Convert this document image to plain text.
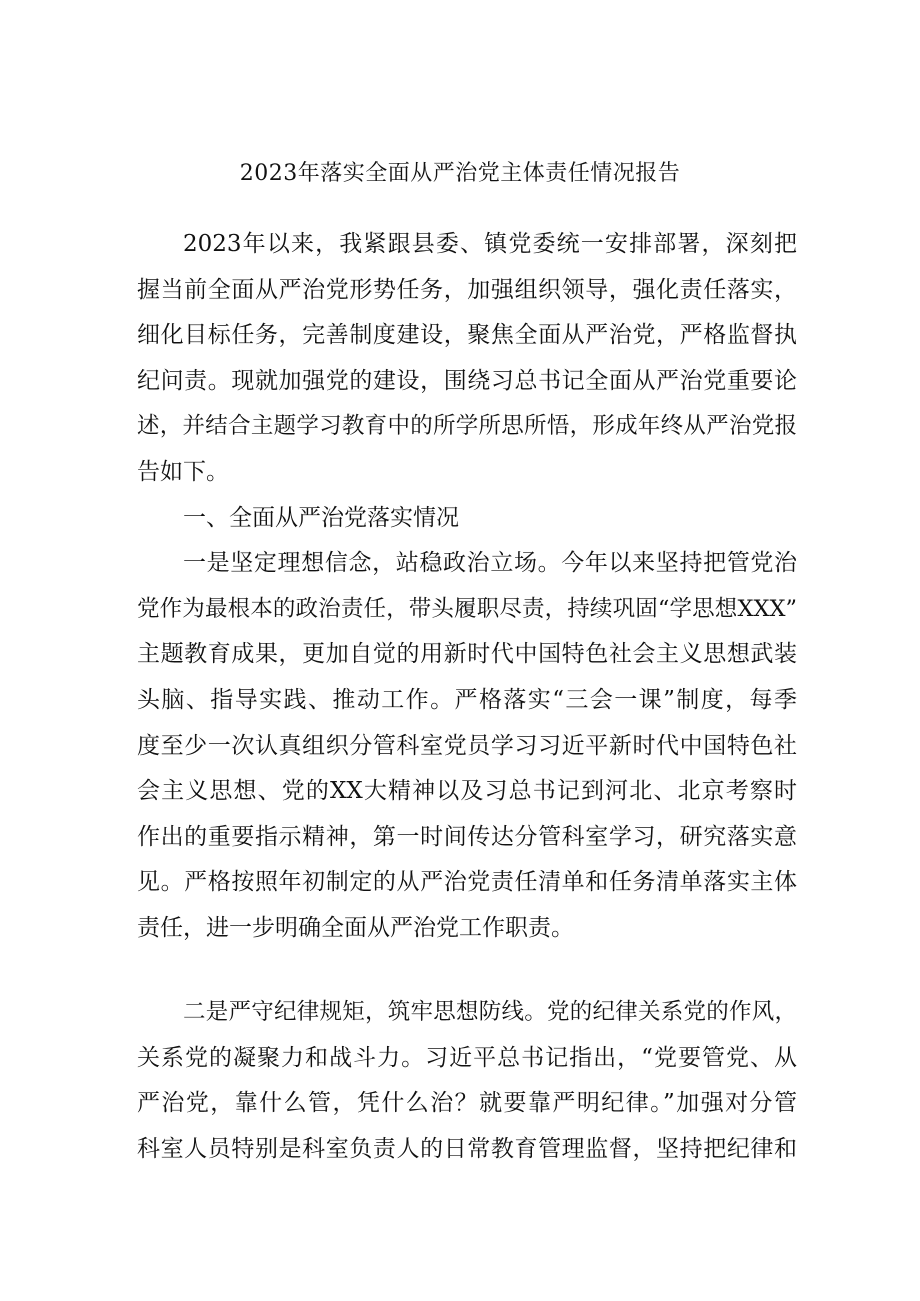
2023年落实全面从严治党主体责任情况报告
2023年以来，我紧跟县委、镇党委统一安排部署，深刻把
握当前全面从严治党形势任务，加强组织领导，强化责任落实，
细化目标任务，完善制度建设，聚焦全面从严治党，严格监督执
纪问责。现就加强党的建设，围绕习总书记全面从严治党重要论
述，并结合主题学习教育中的所学所思所悟，形成年终从严治党报
告如下。
一、全面从严治党落实情况
一是坚定理想信念，站稳政治立场。今年以来坚持把管党治
党作为最根本的政治责任，带头履职尽责，持续巩固“学思想XXX”
主题教育成果，更加自觉的用新时代中国特色社会主义思想武装
头脑、指导实践、推动工作。严格落实“三会一课”制度，每季
度至少一次认真组织分管科室党员学习习近平新时代中国特色社
会主义思想、党的XX大精神以及习总书记到河北、北京考察时
作出的重要指示精神，第一时间传达分管科室学习，研究落实意
见。严格按照年初制定的从严治党责任清单和任务清单落实主体
责任，进一步明确全面从严治党工作职责。
二是严守纪律规矩，筑牢思想防线。党的纪律关系党的作风，
关系党的凝聚力和战斗力。习近平总书记指出，“党要管党、从
严治党，靠什么管，凭什么治？就要靠严明纪律。”加强对分管
科室人员特别是科室负责人的日常教育管理监督，坚持把纪律和
